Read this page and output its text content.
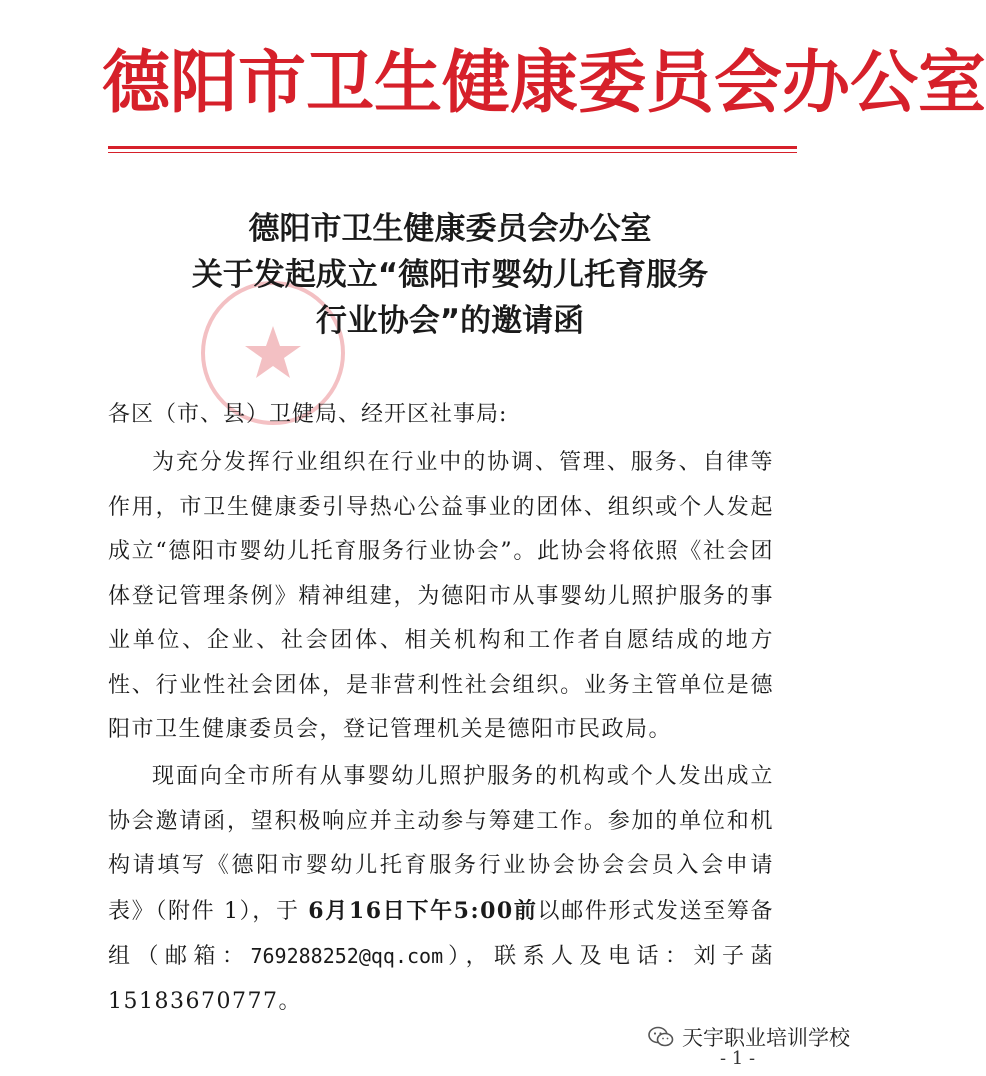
德阳市卫生健康委员会办公室
德阳市卫生健康委员会办公室
关于发起成立“德阳市婴幼儿托育服务
行业协会”的邀请函
各区（市、县）卫健局、经开区社事局:
为充分发挥行业组织在行业中的协调、管理、服务、自律等作用，市卫生健康委引导热心公益事业的团体、组织或个人发起成立“德阳市婴幼儿托育服务行业协会”。此协会将依照《社会团体登记管理条例》精神组建，为德阳市从事婴幼儿照护服务的事业单位、企业、社会团体、相关机构和工作者自愿结成的地方性、行业性社会团体，是非营利性社会组织。业务主管单位是德阳市卫生健康委员会，登记管理机关是德阳市民政局。
现面向全市所有从事婴幼儿照护服务的机构或个人发出成立协会邀请函，望积极响应并主动参与筹建工作。参加的单位和机构请填写《德阳市婴幼儿托育服务行业协会协会会员入会申请表》（附件 1），于 6月16日下午5:00前以邮件形式发送至筹备组（邮箱：769288252@qq.com），联系人及电话：刘子菡 15183670777。
天宇职业培训学校
- 1 -
